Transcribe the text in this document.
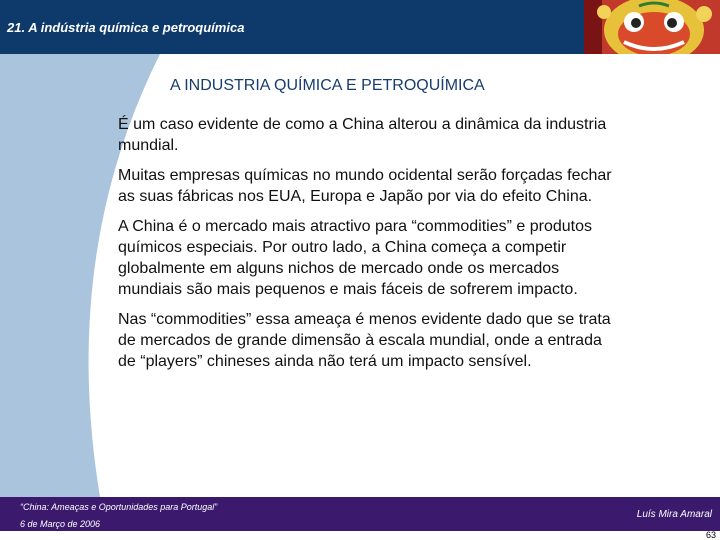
21. A indústria química e petroquímica
A INDUSTRIA QUÍMICA E PETROQUÍMICA

É um caso evidente de como a China alterou a dinâmica da industria mundial.

Muitas empresas químicas no mundo ocidental serão forçadas fechar as suas fábricas nos EUA, Europa e Japão por via do efeito China.

A China é o mercado mais atractivo para “commodities” e produtos químicos especiais. Por outro lado, a China começa a competir globalmente em alguns nichos de mercado onde os mercados mundiais são mais pequenos e mais fáceis de sofrerem impacto.

Nas “commodities” essa ameaça é menos evidente dado que se trata de mercados de grande dimensão à escala mundial, onde a entrada de “players” chineses ainda não terá um impacto sensível.

“China: Ameaças e Oportunidades para Portugal”
6 de Março de 2006
Luís Mira Amaral
63
